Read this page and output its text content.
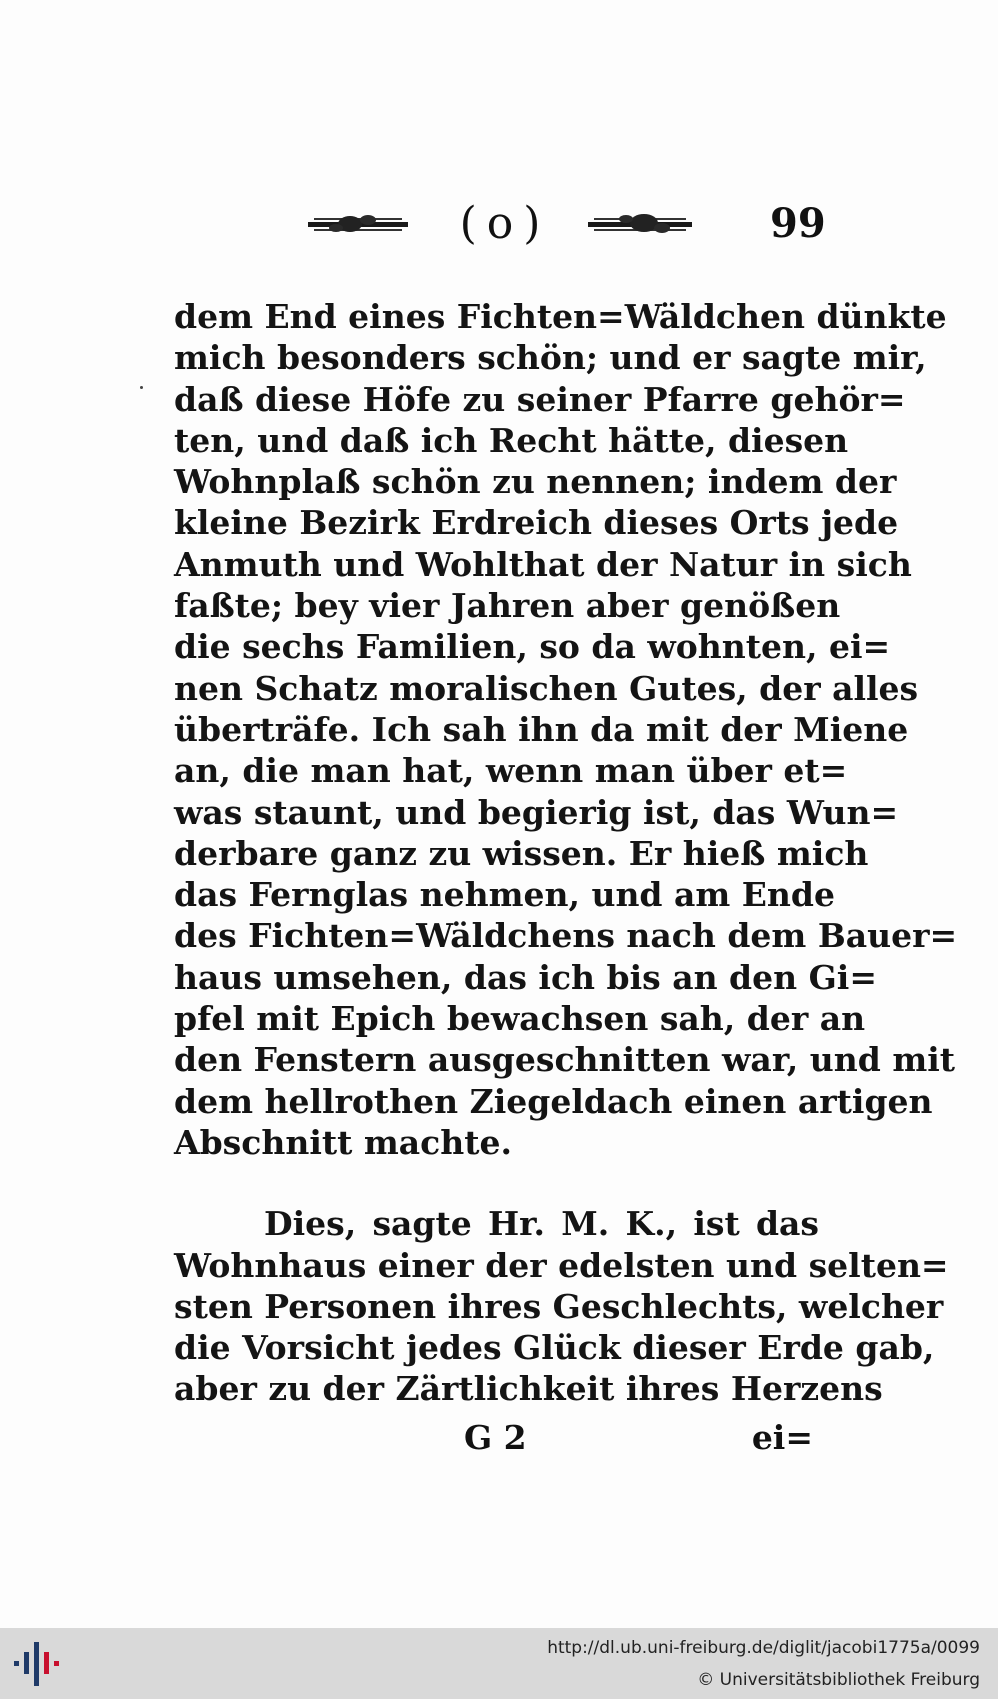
(o)	99
dem End eines Fichten=Wäldchen dünkte
mich besonders schön; und er sagte mir,
daß diese Höfe zu seiner Pfarre gehör=
ten, und daß ich Recht hätte, diesen
Wohnplaß schön zu nennen; indem der
kleine Bezirk Erdreich dieses Orts jede
Anmuth und Wohlthat der Natur in sich
faßte; bey vier Jahren aber genößen
die sechs Familien, so da wohnten, ei=
nen Schatz moralischen Gutes, der alles
überträfe. Ich sah ihn da mit der Miene
an, die man hat, wenn man über et=
was staunt, und begierig ist, das Wun=
derbare ganz zu wissen. Er hieß mich
das Fernglas nehmen, und am Ende
des Fichten=Wäldchens nach dem Bauer=
haus umsehen, das ich bis an den Gi=
pfel mit Epich bewachsen sah, der an
den Fenstern ausgeschnitten war, und mit
dem hellrothen Ziegeldach einen artigen
Abschnitt machte.
Dies, sagte Hr. M. K., ist das
Wohnhaus einer der edelsten und selten=
sten Personen ihres Geschlechts, welcher
die Vorsicht jedes Glück dieser Erde gab,
aber zu der Zärtlichkeit ihres Herzens
G 2	ei=
http://dl.ub.uni-freiburg.de/diglit/jacobi1775a/0099
© Universitätsbibliothek Freiburg
